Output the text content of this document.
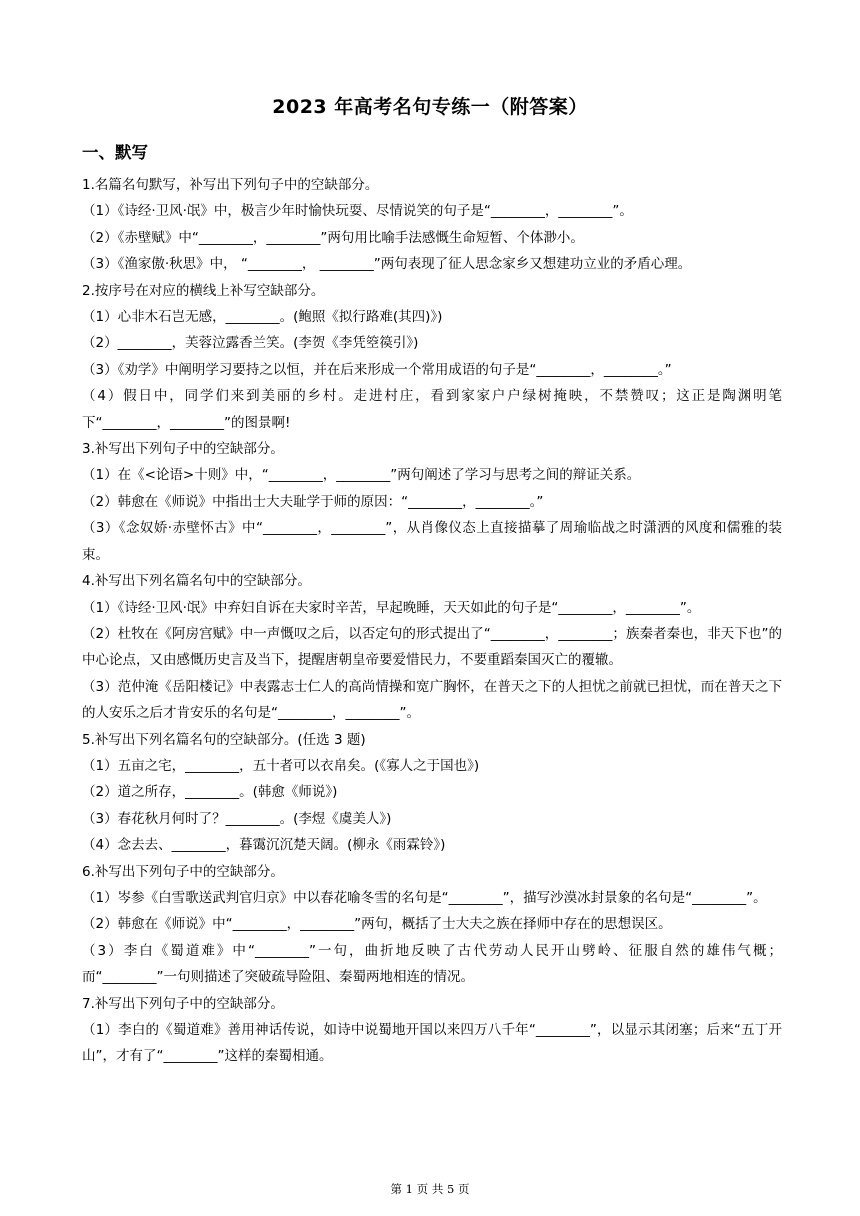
2023 年高考名句专练一（附答案）
一、默写
1.名篇名句默写，补写出下列句子中的空缺部分。
（1）《诗经·卫风·氓》中，极言少年时愉快玩耍、尽情说笑的句子是“________，________”。
（2）《赤壁赋》中“________，________”两句用比喻手法感慨生命短暂、个体渺小。
（3）《渔家傲·秋思》中， “________， ________”两句表现了征人思念家乡又想建功立业的矛盾心理。
2.按序号在对应的横线上补写空缺部分。
（1）心非木石岂无感，________。(鲍照《拟行路难(其四)》)
（2）________，芙蓉泣露香兰笑。(李贺《李凭箜篌引》)
（3）《劝学》中阐明学习要持之以恒，并在后来形成一个常用成语的句子是“________，________。”
（4）假日中，同学们来到美丽的乡村。走进村庄，看到家家户户绿树掩映，不禁赞叹；这正是陶渊明笔下“________，________”的图景啊!
3.补写出下列句子中的空缺部分。
（1）在《<论语>十则》中，“________，________”两句阐述了学习与思考之间的辩证关系。
（2）韩愈在《师说》中指出士大夫耻学于师的原因：“________，________。”
（3）《念奴娇·赤壁怀古》中“________，________”，从肖像仪态上直接描摹了周瑜临战之时潇洒的风度和儒雅的装束。
4.补写出下列名篇名句中的空缺部分。
（1）《诗经·卫风·氓》中弃妇自诉在夫家时辛苦，早起晚睡，天天如此的句子是“________，________”。
（2）杜牧在《阿房宫赋》中一声慨叹之后，以否定句的形式提出了“________，________；族秦者秦也，非天下也”的中心论点，又由感慨历史言及当下，提醒唐朝皇帝要爱惜民力，不要重蹈秦国灭亡的覆辙。
（3）范仲淹《岳阳楼记》中表露志士仁人的高尚情操和宽广胸怀，在普天之下的人担忧之前就已担忧，而在普天之下的人安乐之后才肯安乐的名句是“________，________”。
5.补写出下列名篇名句的空缺部分。(任选 3 题)
（1）五亩之宅，________，五十者可以衣帛矣。(《寡人之于国也》)
（2）道之所存，________。(韩愈《师说》)
（3）春花秋月何时了？________。(李煜《虞美人》)
（4）念去去、________，暮霭沉沉楚天阔。(柳永《雨霖铃》)
6.补写出下列句子中的空缺部分。
（1）岑参《白雪歌送武判官归京》中以春花喻冬雪的名句是“________”，描写沙漠冰封景象的名句是“________”。
（2）韩愈在《师说》中“________，________”两句，概括了士大夫之族在择师中存在的思想误区。
（3）李白《蜀道难》中“________”一句，曲折地反映了古代劳动人民开山劈岭、征服自然的雄伟气概；而“________”一句则描述了突破疏导险阻、秦蜀两地相连的情况。
7.补写出下列句子中的空缺部分。
（1）李白的《蜀道难》善用神话传说，如诗中说蜀地开国以来四万八千年“________”，以显示其闭塞；后来“五丁开山”，才有了“________”这样的秦蜀相通。
第 1 页 共 5 页
